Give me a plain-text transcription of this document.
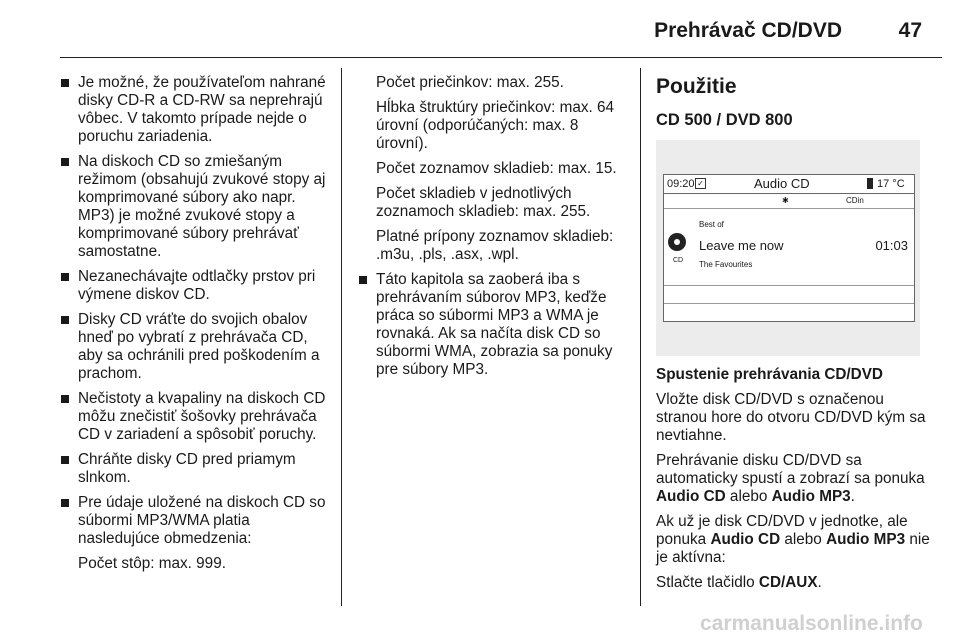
Prehrávač CD/DVD	47
Je možné, že používateľom nahrané disky CD-R a CD-RW sa neprehrajú vôbec. V takomto prípade nejde o poruchu zariadenia.
Na diskoch CD so zmiešaným režimom (obsahujú zvukové stopy aj komprimované súbory ako napr. MP3) je možné zvukové stopy a komprimované súbory prehrávať samostatne.
Nezanechávajte odtlačky prstov pri výmene diskov CD.
Disky CD vráťte do svojich obalov hneď po vybratí z prehrávača CD, aby sa ochránili pred poškodením a prachom.
Nečistoty a kvapaliny na diskoch CD môžu znečistiť šošovky prehrávača CD v zariadení a spôsobiť poruchy.
Chráňte disky CD pred priamym slnkom.
Pre údaje uložené na diskoch CD so súbormi MP3/WMA platia nasledujúce obmedzenia:
Počet stôp: max. 999.

Počet priečinkov: max. 255.

Hĺbka štruktúry priečinkov: max. 64 úrovní (odporúčaných: max. 8 úrovní).

Počet zoznamov skladieb: max. 15.

Počet skladieb v jednotlivých zoznamoch skladieb: max. 255.

Platné prípony zoznamov skladieb: .m3u, .pls, .asx, .wpl.

Táto kapitola sa zaoberá iba s prehrávaním súborov MP3, keďže práca so súbormi MP3 a WMA je rovnaká. Ak sa načíta disk CD so súbormi WMA, zobrazia sa ponuky pre súbory MP3.
Použitie
CD 500 / DVD 800
09:20 ✓	Audio CD	17 °C
✱	CDin
Best of
CD
Leave me now	01:03
The Favourites

Spustenie prehrávania CD/DVD

Vložte disk CD/DVD s označenou stranou hore do otvoru CD/DVD kým sa nevtiahne.

Prehrávanie disku CD/DVD sa automaticky spustí a zobrazí sa ponuka Audio CD alebo Audio MP3.

Ak už je disk CD/DVD v jednotke, ale ponuka Audio CD alebo Audio MP3 nie je aktívna:

Stlačte tlačidlo CD/AUX.

carmanualsonline.info
